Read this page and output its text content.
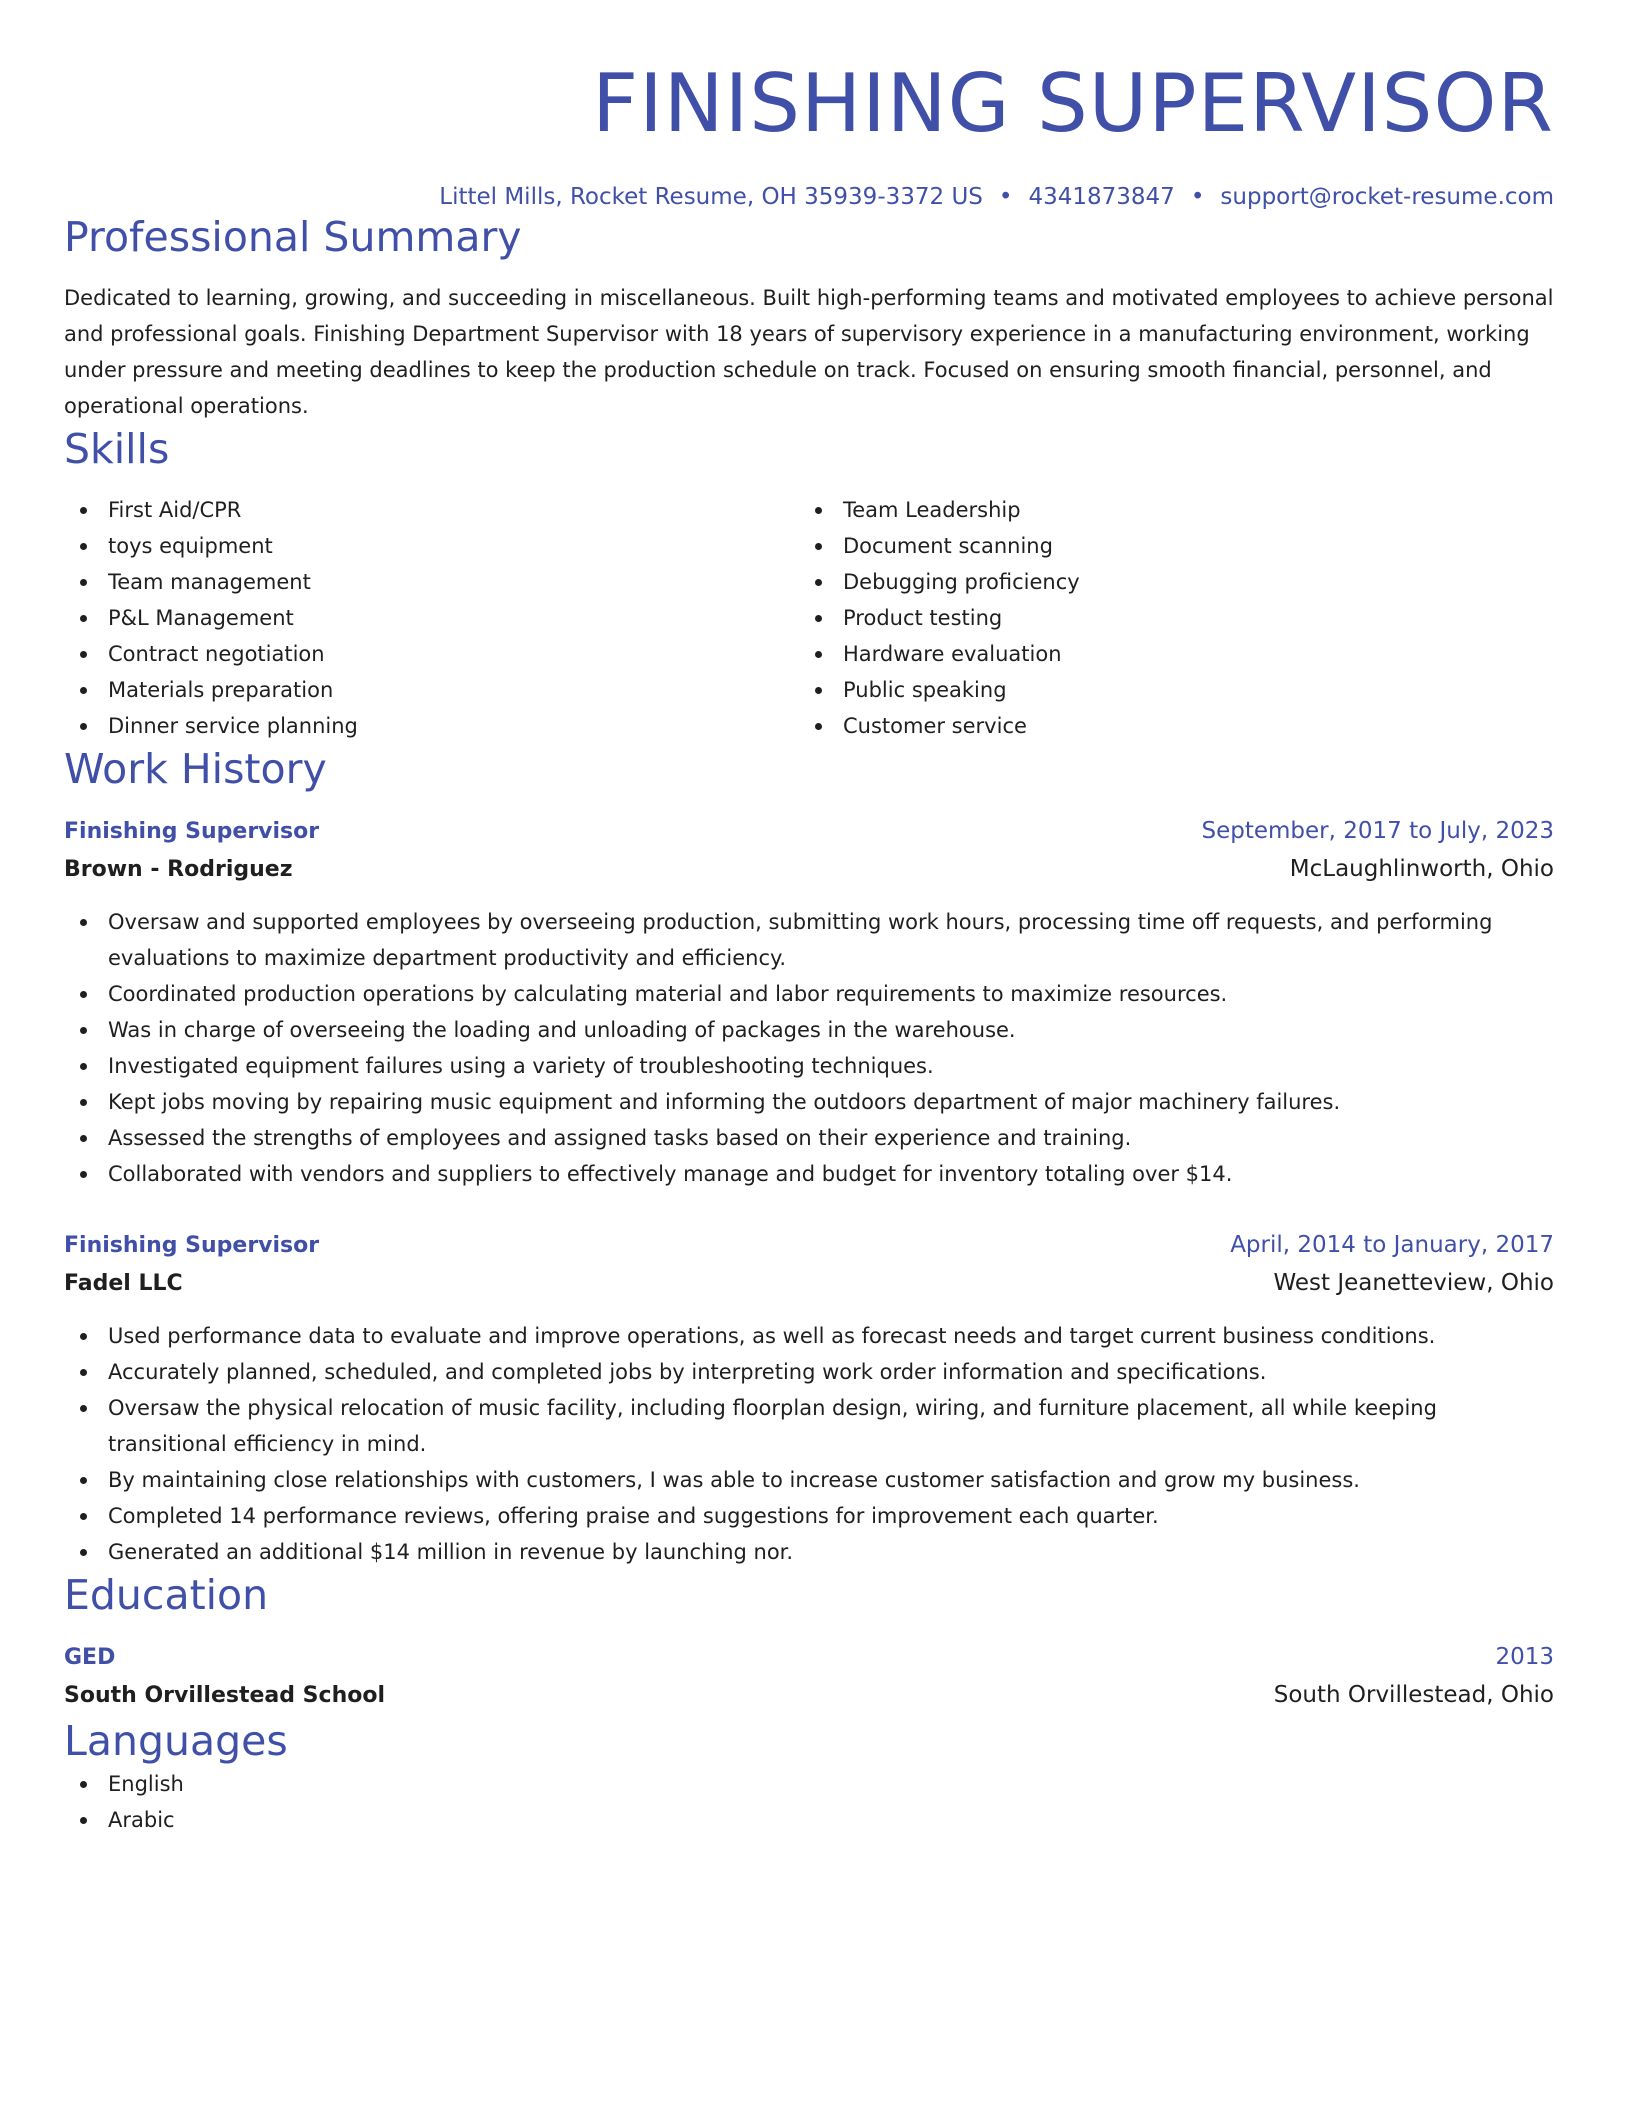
FINISHING SUPERVISOR
Littel Mills, Rocket Resume, OH 35939-3372 US • 4341873847 • support@rocket-resume.com
Professional Summary

Dedicated to learning, growing, and succeeding in miscellaneous. Built high-performing teams and motivated employees to achieve personal and professional goals. Finishing Department Supervisor with 18 years of supervisory experience in a manufacturing environment, working under pressure and meeting deadlines to keep the production schedule on track. Focused on ensuring smooth financial, personnel, and operational operations.

Skills
First Aid/CPR
toys equipment
Team management
P&L Management
Contract negotiation
Materials preparation
Dinner service planning
Team Leadership
Document scanning
Debugging proficiency
Product testing
Hardware evaluation
Public speaking
Customer service
Work History
Finishing Supervisor	September, 2017 to July, 2023
Brown - Rodriguez	McLaughlinworth, Ohio
Oversaw and supported employees by overseeing production, submitting work hours, processing time off requests, and performing evaluations to maximize department productivity and efficiency.
Coordinated production operations by calculating material and labor requirements to maximize resources.
Was in charge of overseeing the loading and unloading of packages in the warehouse.
Investigated equipment failures using a variety of troubleshooting techniques.
Kept jobs moving by repairing music equipment and informing the outdoors department of major machinery failures.
Assessed the strengths of employees and assigned tasks based on their experience and training.
Collaborated with vendors and suppliers to effectively manage and budget for inventory totaling over $14.
Finishing Supervisor	April, 2014 to January, 2017
Fadel LLC	West Jeanetteview, Ohio
Used performance data to evaluate and improve operations, as well as forecast needs and target current business conditions.
Accurately planned, scheduled, and completed jobs by interpreting work order information and specifications.
Oversaw the physical relocation of music facility, including floorplan design, wiring, and furniture placement, all while keeping transitional efficiency in mind.
By maintaining close relationships with customers, I was able to increase customer satisfaction and grow my business.
Completed 14 performance reviews, offering praise and suggestions for improvement each quarter.
Generated an additional $14 million in revenue by launching nor.
Education
GED	2013
South Orvillestead School	South Orvillestead, Ohio
Languages
English
Arabic
